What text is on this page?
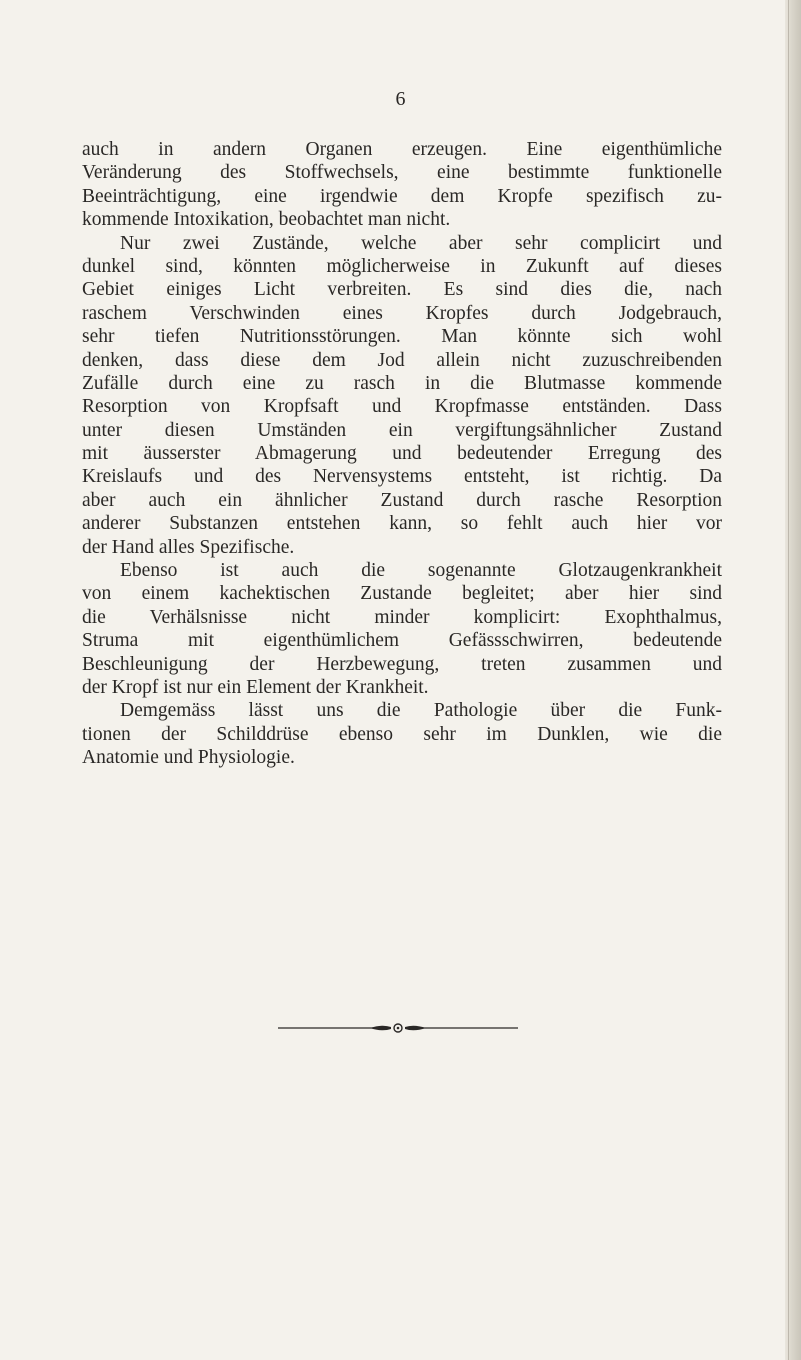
6
auch in andern Organen erzeugen. Eine eigenthümliche
Veränderung des Stoffwechsels, eine bestimmte funktionelle
Beeinträchtigung, eine irgendwie dem Kropfe spezifisch zu-
kommende Intoxikation, beobachtet man nicht.
Nur zwei Zustände, welche aber sehr complicirt und
dunkel sind, könnten möglicherweise in Zukunft auf dieses
Gebiet einiges Licht verbreiten. Es sind dies die, nach
raschem Verschwinden eines Kropfes durch Jodgebrauch,
sehr tiefen Nutritionsstörungen. Man könnte sich wohl
denken, dass diese dem Jod allein nicht zuzuschreibenden
Zufälle durch eine zu rasch in die Blutmasse kommende
Resorption von Kropfsaft und Kropfmasse entständen. Dass
unter diesen Umständen ein vergiftungsähnlicher Zustand
mit äusserster Abmagerung und bedeutender Erregung des
Kreislaufs und des Nervensystems entsteht, ist richtig. Da
aber auch ein ähnlicher Zustand durch rasche Resorption
anderer Substanzen entstehen kann, so fehlt auch hier vor
der Hand alles Spezifische.
Ebenso ist auch die sogenannte Glotzaugenkrankheit
von einem kachektischen Zustande begleitet; aber hier sind
die Verhälsnisse nicht minder komplicirt: Exophthalmus,
Struma mit eigenthümlichem Gefässschwirren, bedeutende
Beschleunigung der Herzbewegung, treten zusammen und
der Kropf ist nur ein Element der Krankheit.
Demgemäss lässt uns die Pathologie über die Funk-
tionen der Schilddrüse ebenso sehr im Dunklen, wie die
Anatomie und Physiologie.
